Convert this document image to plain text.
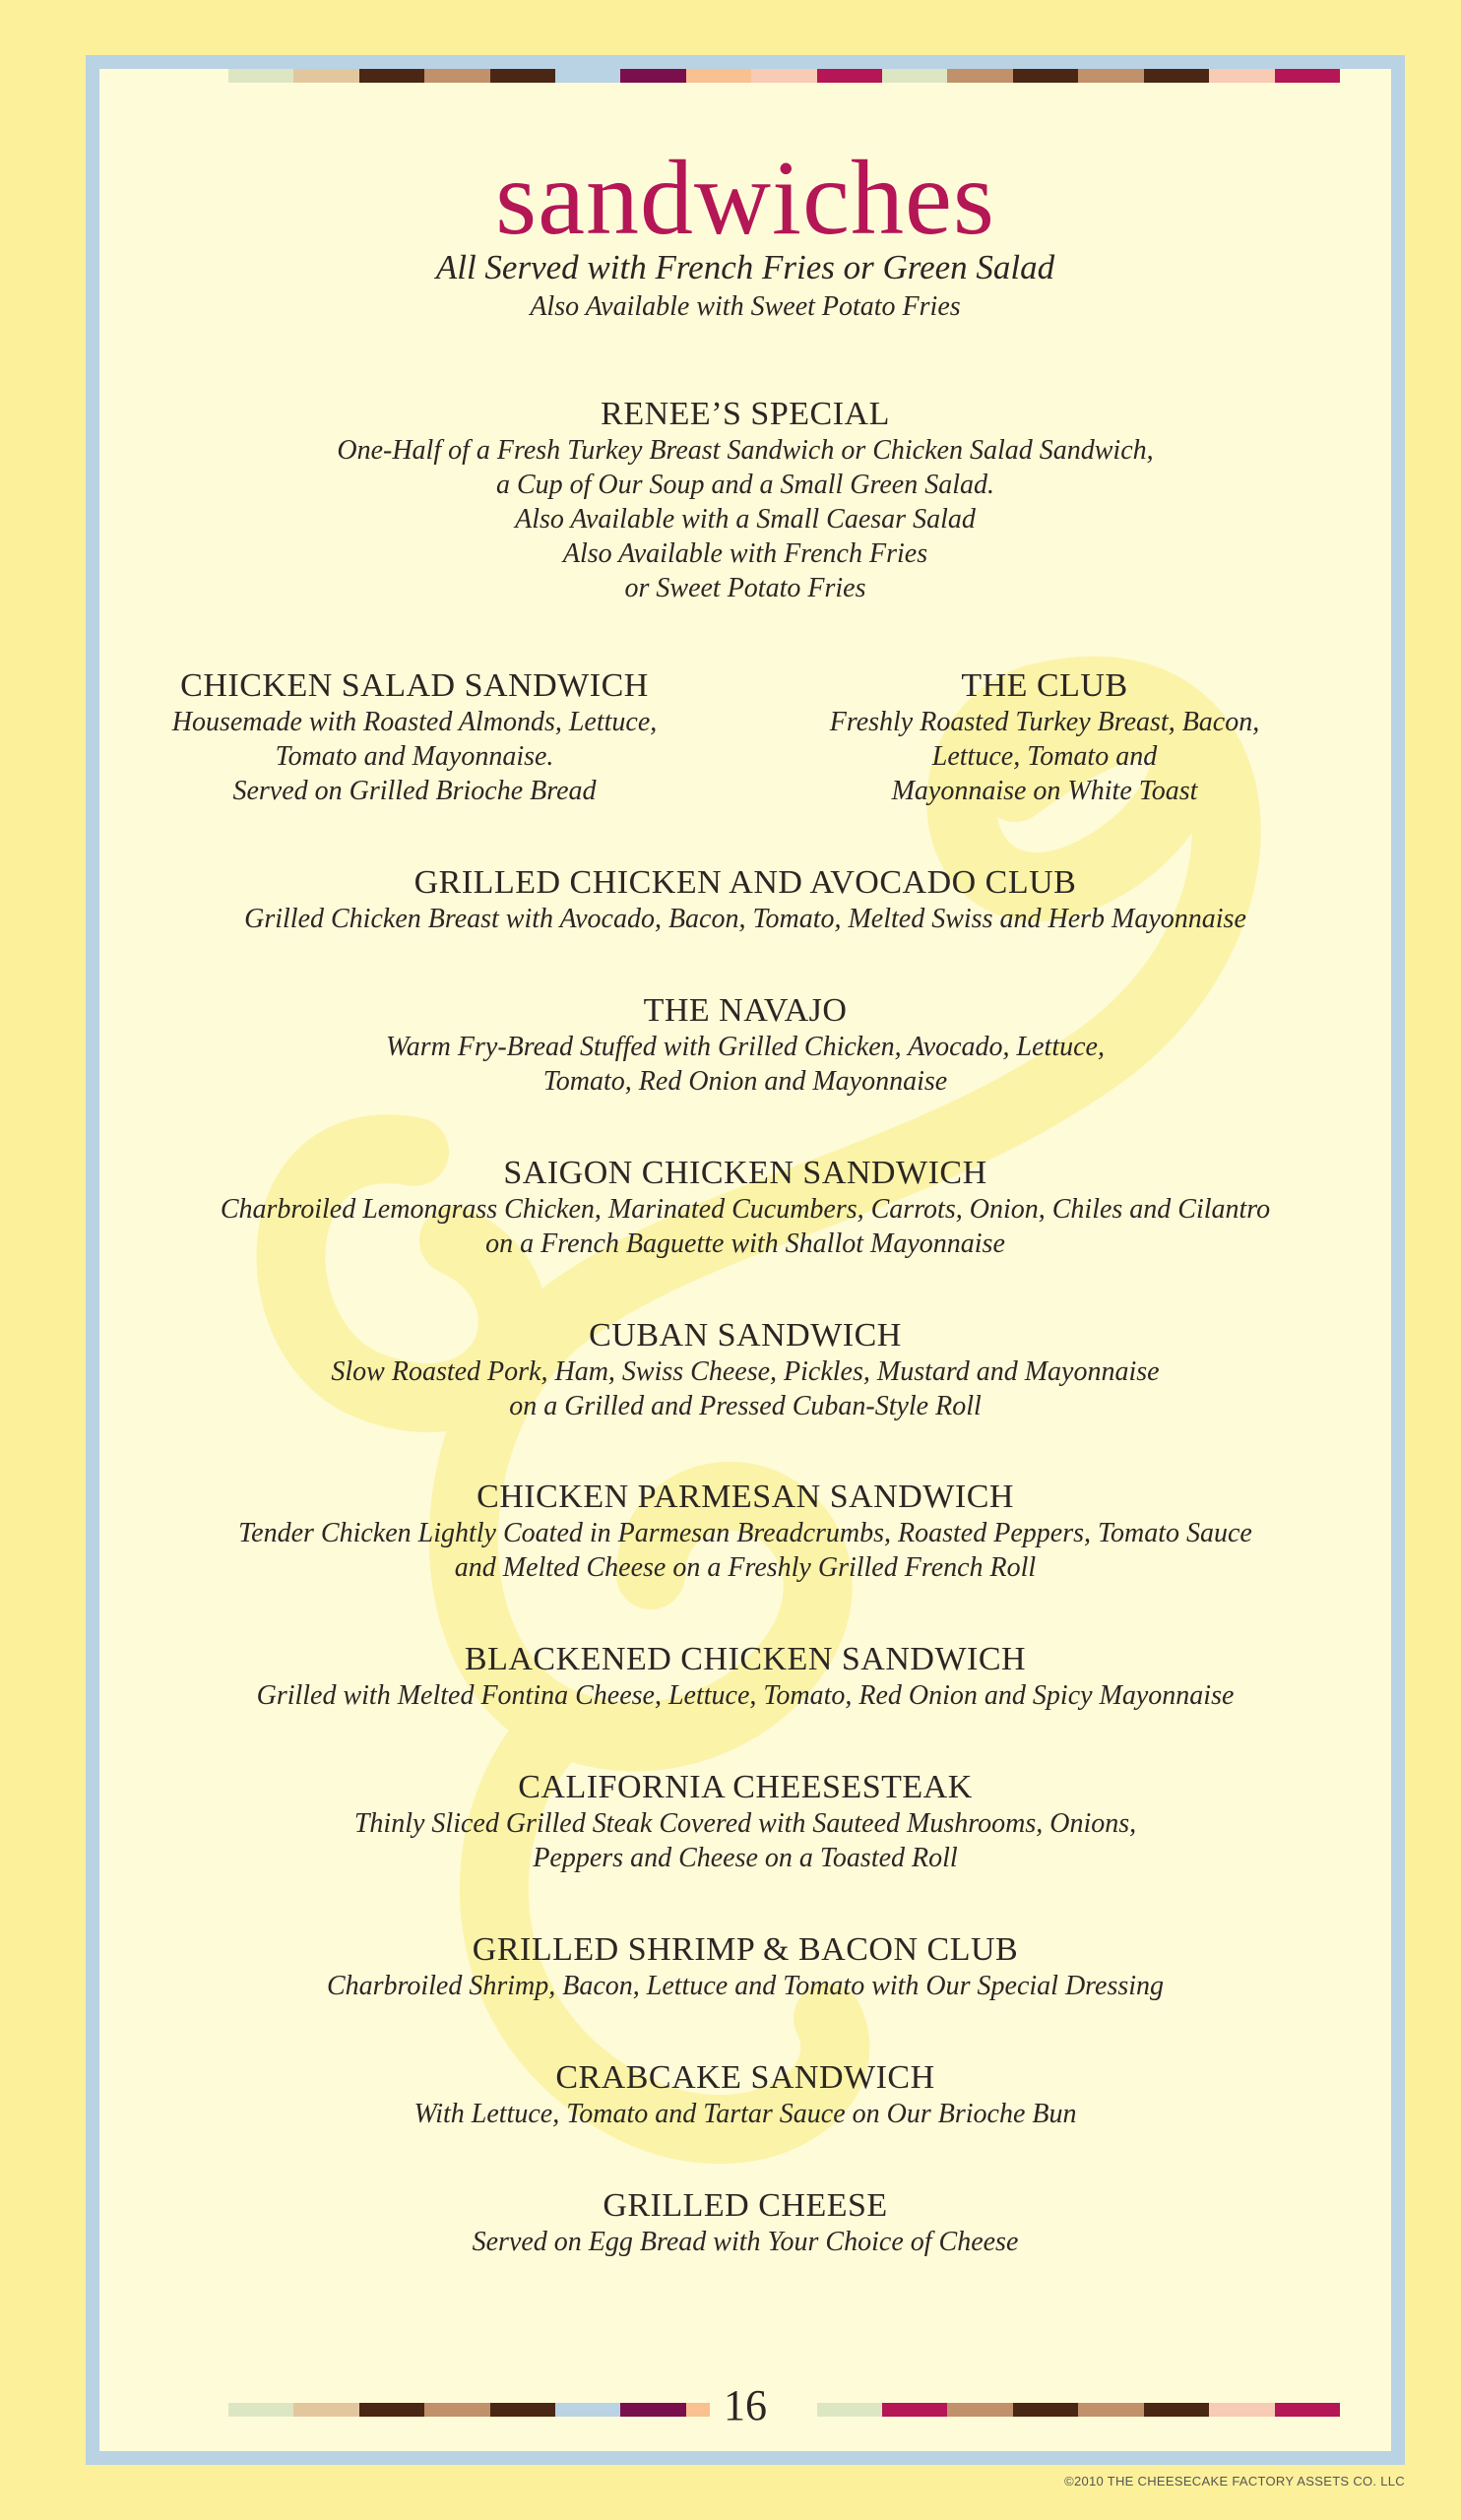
sandwiches
All Served with French Fries or Green Salad
Also Available with Sweet Potato Fries
RENEE’S SPECIAL
One-Half of a Fresh Turkey Breast Sandwich or Chicken Salad Sandwich,
a Cup of Our Soup and a Small Green Salad.
Also Available with a Small Caesar Salad
Also Available with French Fries
or Sweet Potato Fries
CHICKEN SALAD SANDWICH
Housemade with Roasted Almonds, Lettuce,
Tomato and Mayonnaise.
Served on Grilled Brioche Bread
THE CLUB
Freshly Roasted Turkey Breast, Bacon,
Lettuce, Tomato and
Mayonnaise on White Toast
GRILLED CHICKEN AND AVOCADO CLUB
Grilled Chicken Breast with Avocado, Bacon, Tomato, Melted Swiss and Herb Mayonnaise
THE NAVAJO
Warm Fry-Bread Stuffed with Grilled Chicken, Avocado, Lettuce,
Tomato, Red Onion and Mayonnaise
SAIGON CHICKEN SANDWICH
Charbroiled Lemongrass Chicken, Marinated Cucumbers, Carrots, Onion, Chiles and Cilantro
on a French Baguette with Shallot Mayonnaise
CUBAN SANDWICH
Slow Roasted Pork, Ham, Swiss Cheese, Pickles, Mustard and Mayonnaise
on a Grilled and Pressed Cuban-Style Roll
CHICKEN PARMESAN SANDWICH
Tender Chicken Lightly Coated in Parmesan Breadcrumbs, Roasted Peppers, Tomato Sauce
and Melted Cheese on a Freshly Grilled French Roll
BLACKENED CHICKEN SANDWICH
Grilled with Melted Fontina Cheese, Lettuce, Tomato, Red Onion and Spicy Mayonnaise
CALIFORNIA CHEESESTEAK
Thinly Sliced Grilled Steak Covered with Sauteed Mushrooms, Onions,
Peppers and Cheese on a Toasted Roll
GRILLED SHRIMP & BACON CLUB
Charbroiled Shrimp, Bacon, Lettuce and Tomato with Our Special Dressing
CRABCAKE SANDWICH
With Lettuce, Tomato and Tartar Sauce on Our Brioche Bun
GRILLED CHEESE
Served on Egg Bread with Your Choice of Cheese
16
©2010 THE CHEESECAKE FACTORY ASSETS CO. LLC
